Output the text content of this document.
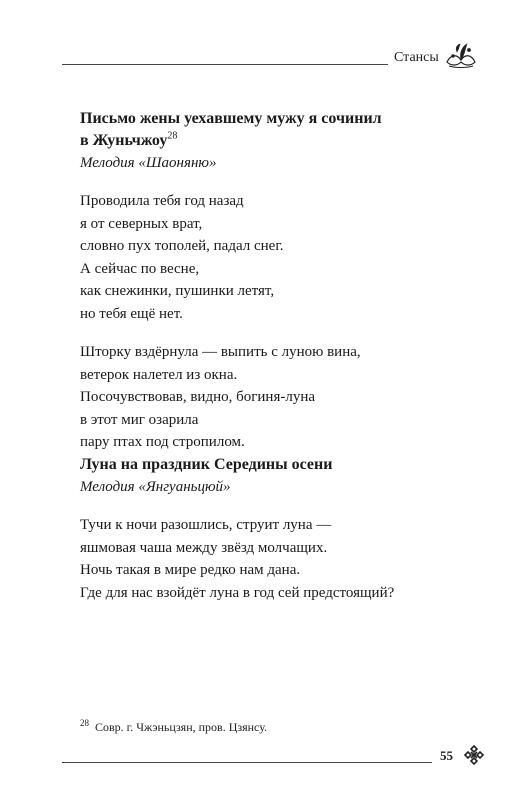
Стансы

Письмо жены уехавшему мужу я сочинил
в Жуньчжоу$^{28}$

Мелодия «Шаоняню»

Проводила тебя год назад
я от северных врат,
словно пух тополей, падал снег.
А сейчас по весне,
как снежинки, пушинки летят,
но тебя ещё нет.
Шторку вздёрнула — выпить с луною вина,
ветерок налетел из окна.
Посочувствовав, видно, богиня-луна
в этот миг озарила
пару птах под стропилом.

Луна на праздник Середины осени

Мелодия «Янгуаньцюй»

Тучи к ночи разошлись, струит луна —
яшмовая чаша между звёзд молчащих.
Ночь такая в мире редко нам дана.
Где для нас взойдёт луна в год сей предстоящий?
$^{28}$ Совр. г. Чжэньцзян, пров. Цзянсу.
55
